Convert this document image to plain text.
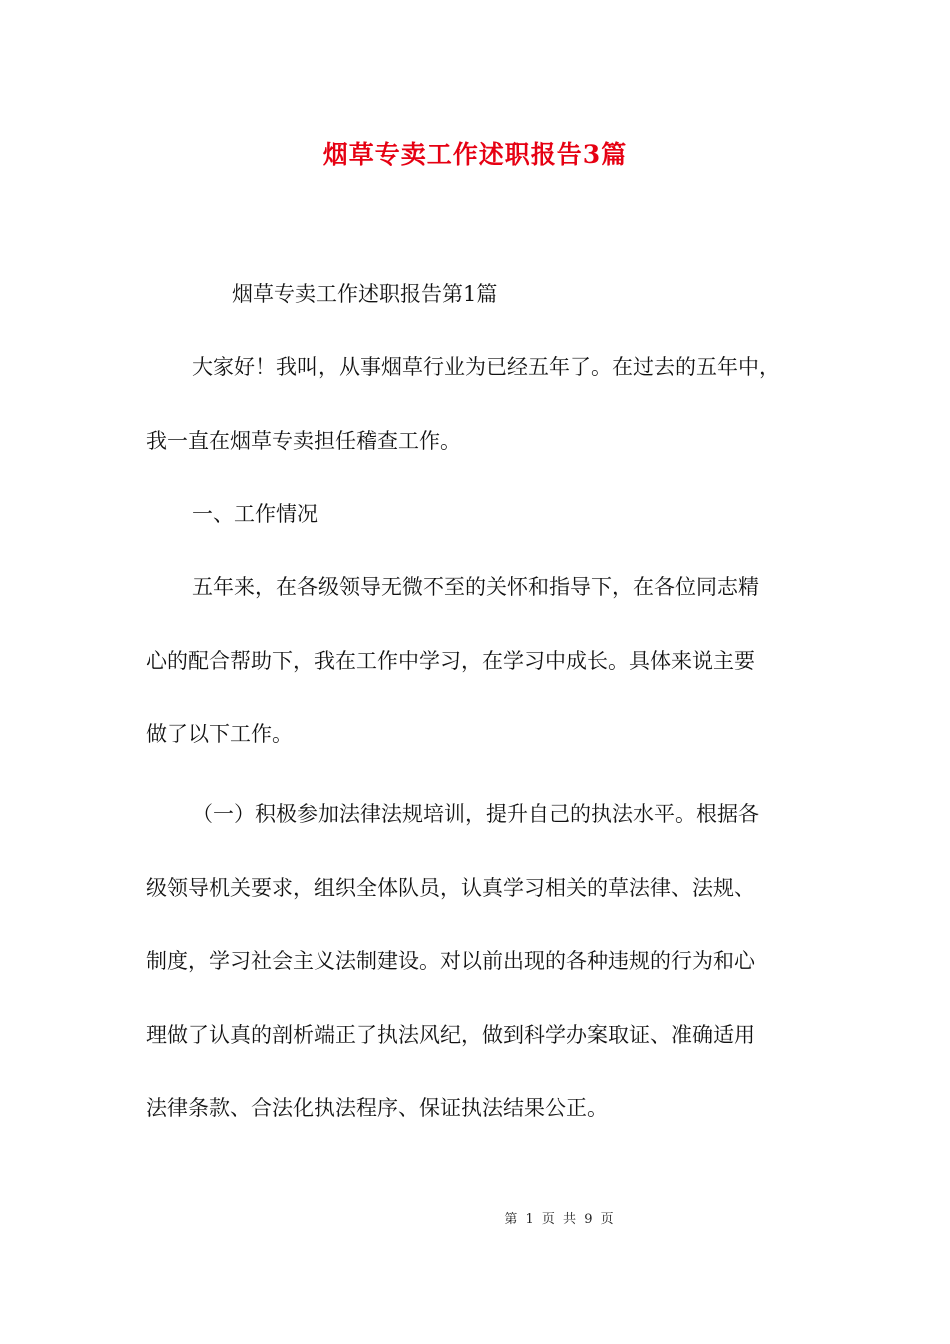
烟草专卖工作述职报告3篇
烟草专卖工作述职报告第1篇
大家好！我叫，从事烟草行业为已经五年了。在过去的五年中，
我一直在烟草专卖担任稽查工作。
一、工作情况
五年来，在各级领导无微不至的关怀和指导下，在各位同志精
心的配合帮助下，我在工作中学习，在学习中成长。具体来说主要
做了以下工作。
（一）积极参加法律法规培训，提升自己的执法水平。根据各
级领导机关要求，组织全体队员，认真学习相关的草法律、法规、
制度，学习社会主义法制建设。对以前出现的各种违规的行为和心
理做了认真的剖析端正了执法风纪，做到科学办案取证、准确适用
法律条款、合法化执法程序、保证执法结果公正。
第 1 页 共 9 页
